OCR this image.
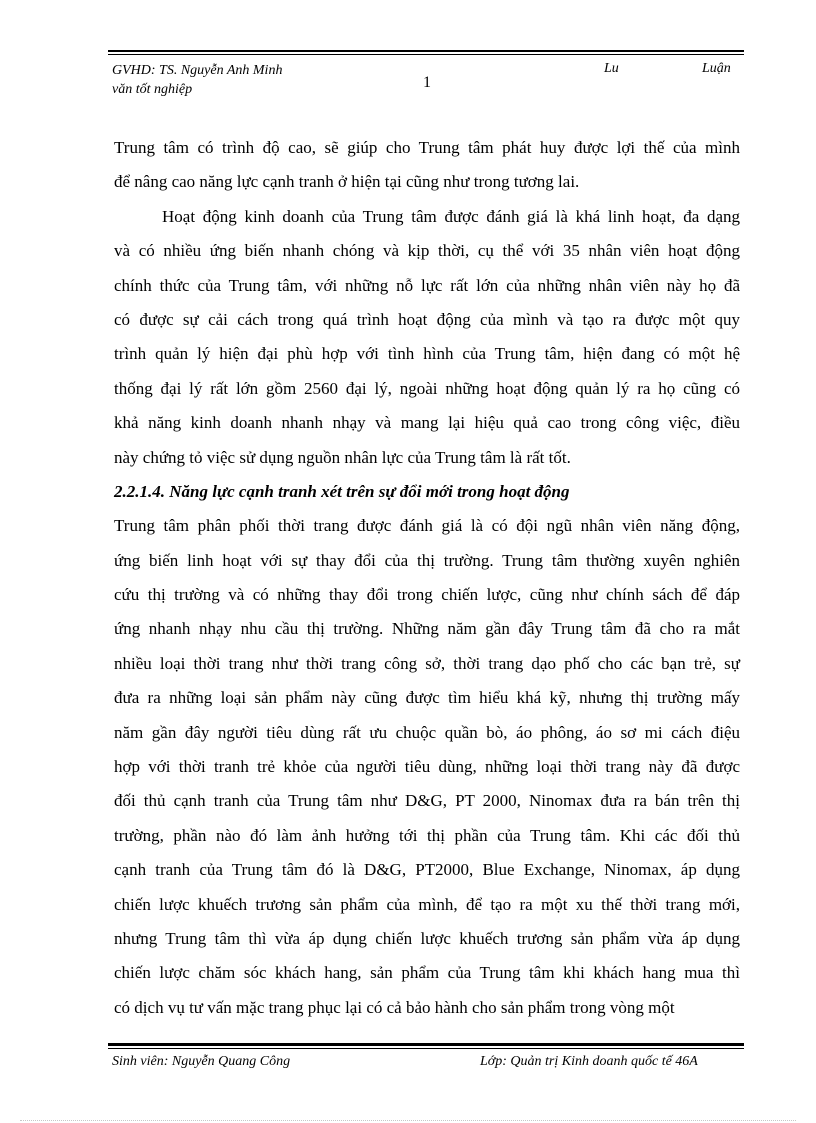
GVHD: TS. Nguyễn Anh Minh
văn tốt nghiệp	1
Lu	Luận
Trung tâm có trình độ cao, sẽ giúp cho Trung tâm phát huy được lợi thế của mình
để nâng cao năng lực cạnh tranh ở hiện tại cũng như trong tương lai.
Hoạt động kinh doanh của Trung tâm được đánh giá là khá linh hoạt, đa dạng
và có nhiều ứng biến nhanh chóng và kịp thời, cụ thể với 35 nhân viên hoạt động
chính thức của Trung tâm, với những nỗ lực rất lớn của những nhân viên này họ đã
có được sự cải cách trong quá trình hoạt động của mình và tạo ra được một quy
trình quản lý hiện đại phù hợp với tình hình của Trung tâm, hiện đang có một hệ
thống đại lý rất lớn gồm 2560 đại lý, ngoài những hoạt động quản lý ra họ cũng có
khả năng kinh doanh nhanh nhạy và mang lại hiệu quả cao trong công việc, điều
này chứng tỏ việc sử dụng nguồn nhân lực của Trung tâm là rất tốt.
2.2.1.4. Năng lực cạnh tranh xét trên sự đổi mới trong hoạt động
Trung tâm phân phối thời trang được đánh giá là có đội ngũ nhân viên năng động,
ứng biến linh hoạt với sự thay đổi của thị trường. Trung tâm thường xuyên nghiên
cứu thị trường và có những thay đổi trong chiến lược, cũng như chính sách để đáp
ứng nhanh nhạy nhu cầu thị trường. Những năm gần đây Trung tâm đã cho ra mắt
nhiều loại thời trang như thời trang công sở, thời trang dạo phố cho các bạn trẻ, sự
đưa ra những loại sản phẩm này cũng được tìm hiểu khá kỹ, nhưng thị trường mấy
năm gần đây người tiêu dùng rất ưu chuộc quần bò, áo phông, áo sơ mi cách điệu
hợp với thời tranh trẻ khỏe của người tiêu dùng, những loại thời trang này đã được
đối thủ cạnh tranh của Trung tâm như D&G, PT 2000, Ninomax đưa ra bán trên thị
trường, phần nào đó làm ảnh hưởng tới thị phần của Trung tâm. Khi các đối thủ
cạnh tranh của Trung tâm đó là D&G, PT2000, Blue Exchange, Ninomax, áp dụng
chiến lược khuếch trương sản phẩm của mình, để tạo ra một xu thế thời trang mới,
nhưng Trung tâm thì vừa áp dụng chiến lược khuếch trương sản phẩm vừa áp dụng
chiến lược chăm sóc khách hang, sản phẩm của Trung tâm khi khách hang mua thì
có dịch vụ tư vấn mặc trang phục lại có cả bảo hành cho sản phẩm trong vòng một
Sinh viên: Nguyễn Quang Công	Lớp: Quản trị Kinh doanh quốc tế 46A
